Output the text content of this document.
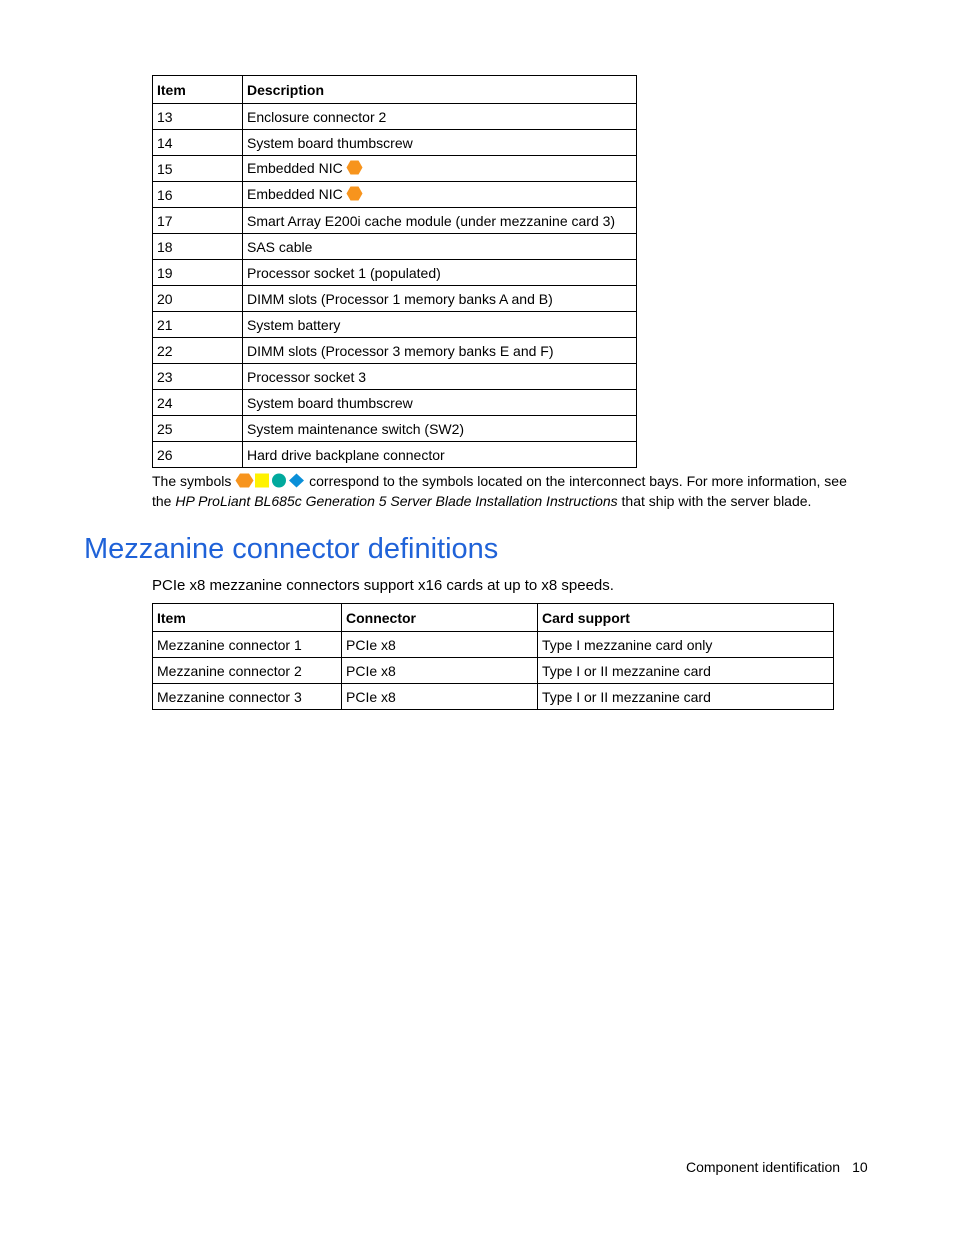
Item	Description
13	Enclosure connector 2
14	System board thumbscrew
15	Embedded NIC
16	Embedded NIC
17	Smart Array E200i cache module (under mezzanine card 3)
18	SAS cable
19	Processor socket 1 (populated)
20	DIMM slots (Processor 1 memory banks A and B)
21	System battery
22	DIMM slots (Processor 3 memory banks E and F)
23	Processor socket 3
24	System board thumbscrew
25	System maintenance switch (SW2)
26	Hard drive backplane connector
The symbols	correspond to the symbols located on the interconnect bays. For more information, see the HP ProLiant BL685c Generation 5 Server Blade Installation Instructions that ship with the server blade.
Mezzanine connector definitions

PCIe x8 mezzanine connectors support x16 cards at up to x8 speeds.

Item	Connector	Card support
Mezzanine connector 1	PCIe x8	Type I mezzanine card only
Mezzanine connector 2	PCIe x8	Type I or II mezzanine card
Mezzanine connector 3	PCIe x8	Type I or II mezzanine card
Component identification 10
